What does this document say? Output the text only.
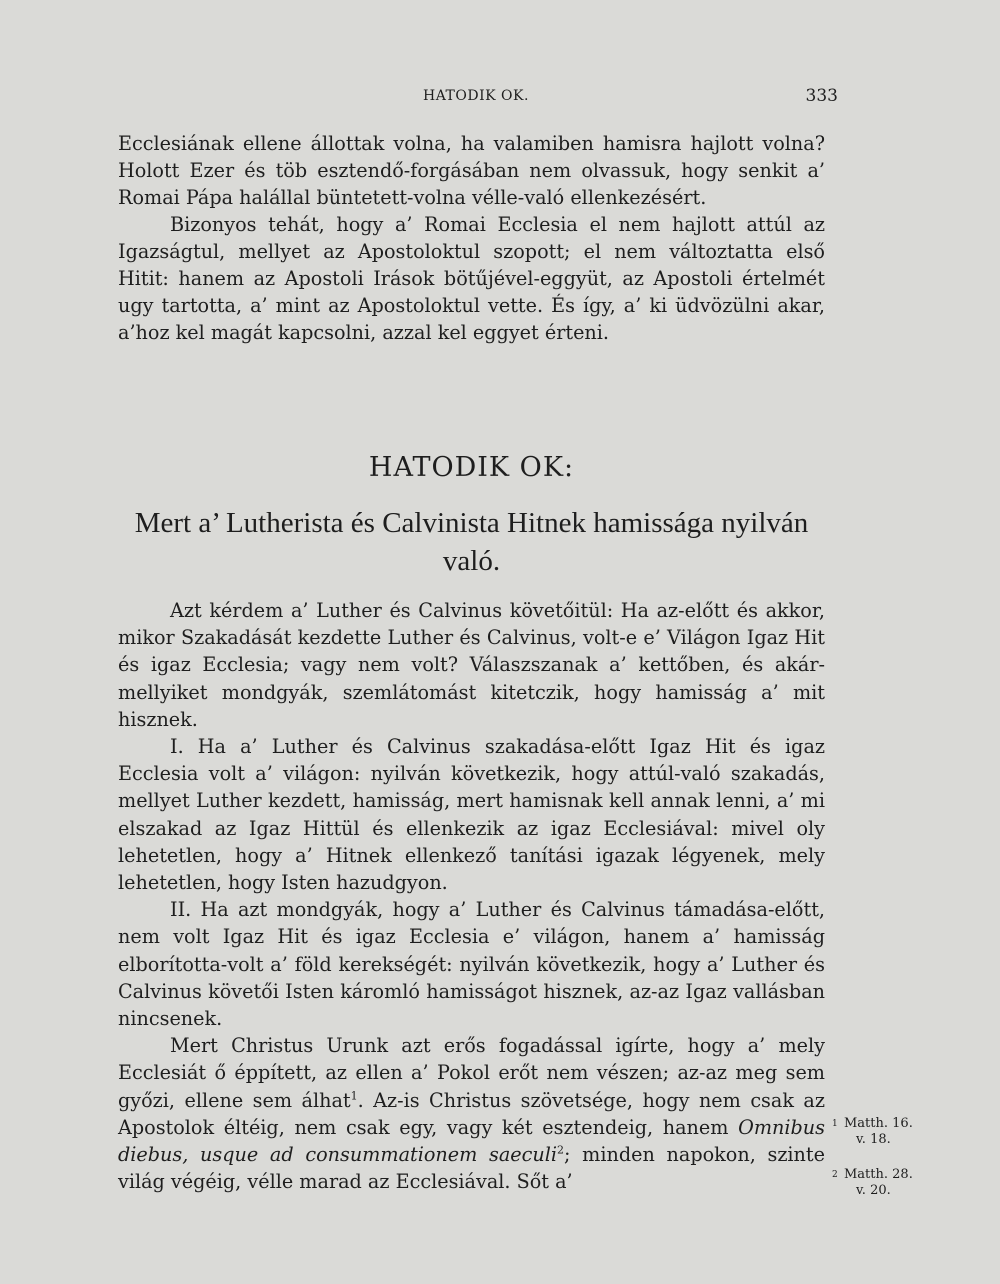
HATODIK OK.	333

Ecclesiának ellene állottak volna, ha valamiben hamisra hajlott volna? Holott Ezer és töb esztendő-forgásában nem olvassuk, hogy senkit a’ Romai Pápa halállal büntetett-volna vélle-való ellenkezésért.

Bizonyos tehát, hogy a’ Romai Ecclesia el nem hajlott attúl az Igazságtul, mellyet az Apostoloktul szopott; el nem változtatta első Hitit: hanem az Apostoli Irások bötűjével-eggyüt, az Apostoli értelmét ugy tartotta, a’ mint az Apostoloktul vette. És így, a’ ki üdvözülni akar, a’hoz kel magát kapcsolni, azzal kel eggyet érteni.

HATODIK OK:
Mert a’ Lutherista és Calvinista Hitnek hamissága nyilván való.

Azt kérdem a’ Luther és Calvinus követőitül: Ha az-előtt és akkor, mikor Szakadását kezdette Luther és Calvinus, volt-e e’ Világon Igaz Hit és igaz Ecclesia; vagy nem volt? Válaszszanak a’ kettőben, és akár-mellyiket mondgyák, szemlátomást kitetczik, hogy hamisság a’ mit hisznek.

I. Ha a’ Luther és Calvinus szakadása-előtt Igaz Hit és igaz Ecclesia volt a’ világon: nyilván következik, hogy attúl-való szakadás, mellyet Luther kezdett, hamisság, mert hamisnak kell annak lenni, a’ mi elszakad az Igaz Hittül és ellenkezik az igaz Ecclesiával: mivel oly lehetetlen, hogy a’ Hitnek ellenkező tanítási igazak légyenek, mely lehetetlen, hogy Isten hazudgyon.

II. Ha azt mondgyák, hogy a’ Luther és Calvinus támadása-előtt, nem volt Igaz Hit és igaz Ecclesia e’ világon, hanem a’ hamisság elborította-volt a’ föld kerekségét: nyilván következik, hogy a’ Luther és Calvinus követői Isten káromló hamisságot hisznek, az-az Igaz vallásban nincsenek.

Mert Christus Urunk azt erős fogadással igírte, hogy a’ mely Ecclesiát ő éppített, az ellen a’ Pokol erőt nem vészen; az-az meg sem győzi, ellene sem álhat$^1$. Az-is Christus szövetsége, hogy nem csak az Apostolok éltéig, nem csak egy, vagy két esztendeig, hanem Omnibus diebus, usque ad consummationem saeculi$^2$; minden napokon, szinte világ végéig, vélle marad az Ecclesiával. Sőt a’

1 Matth. 16.
v. 18.
2 Matth. 28.
v. 20.
